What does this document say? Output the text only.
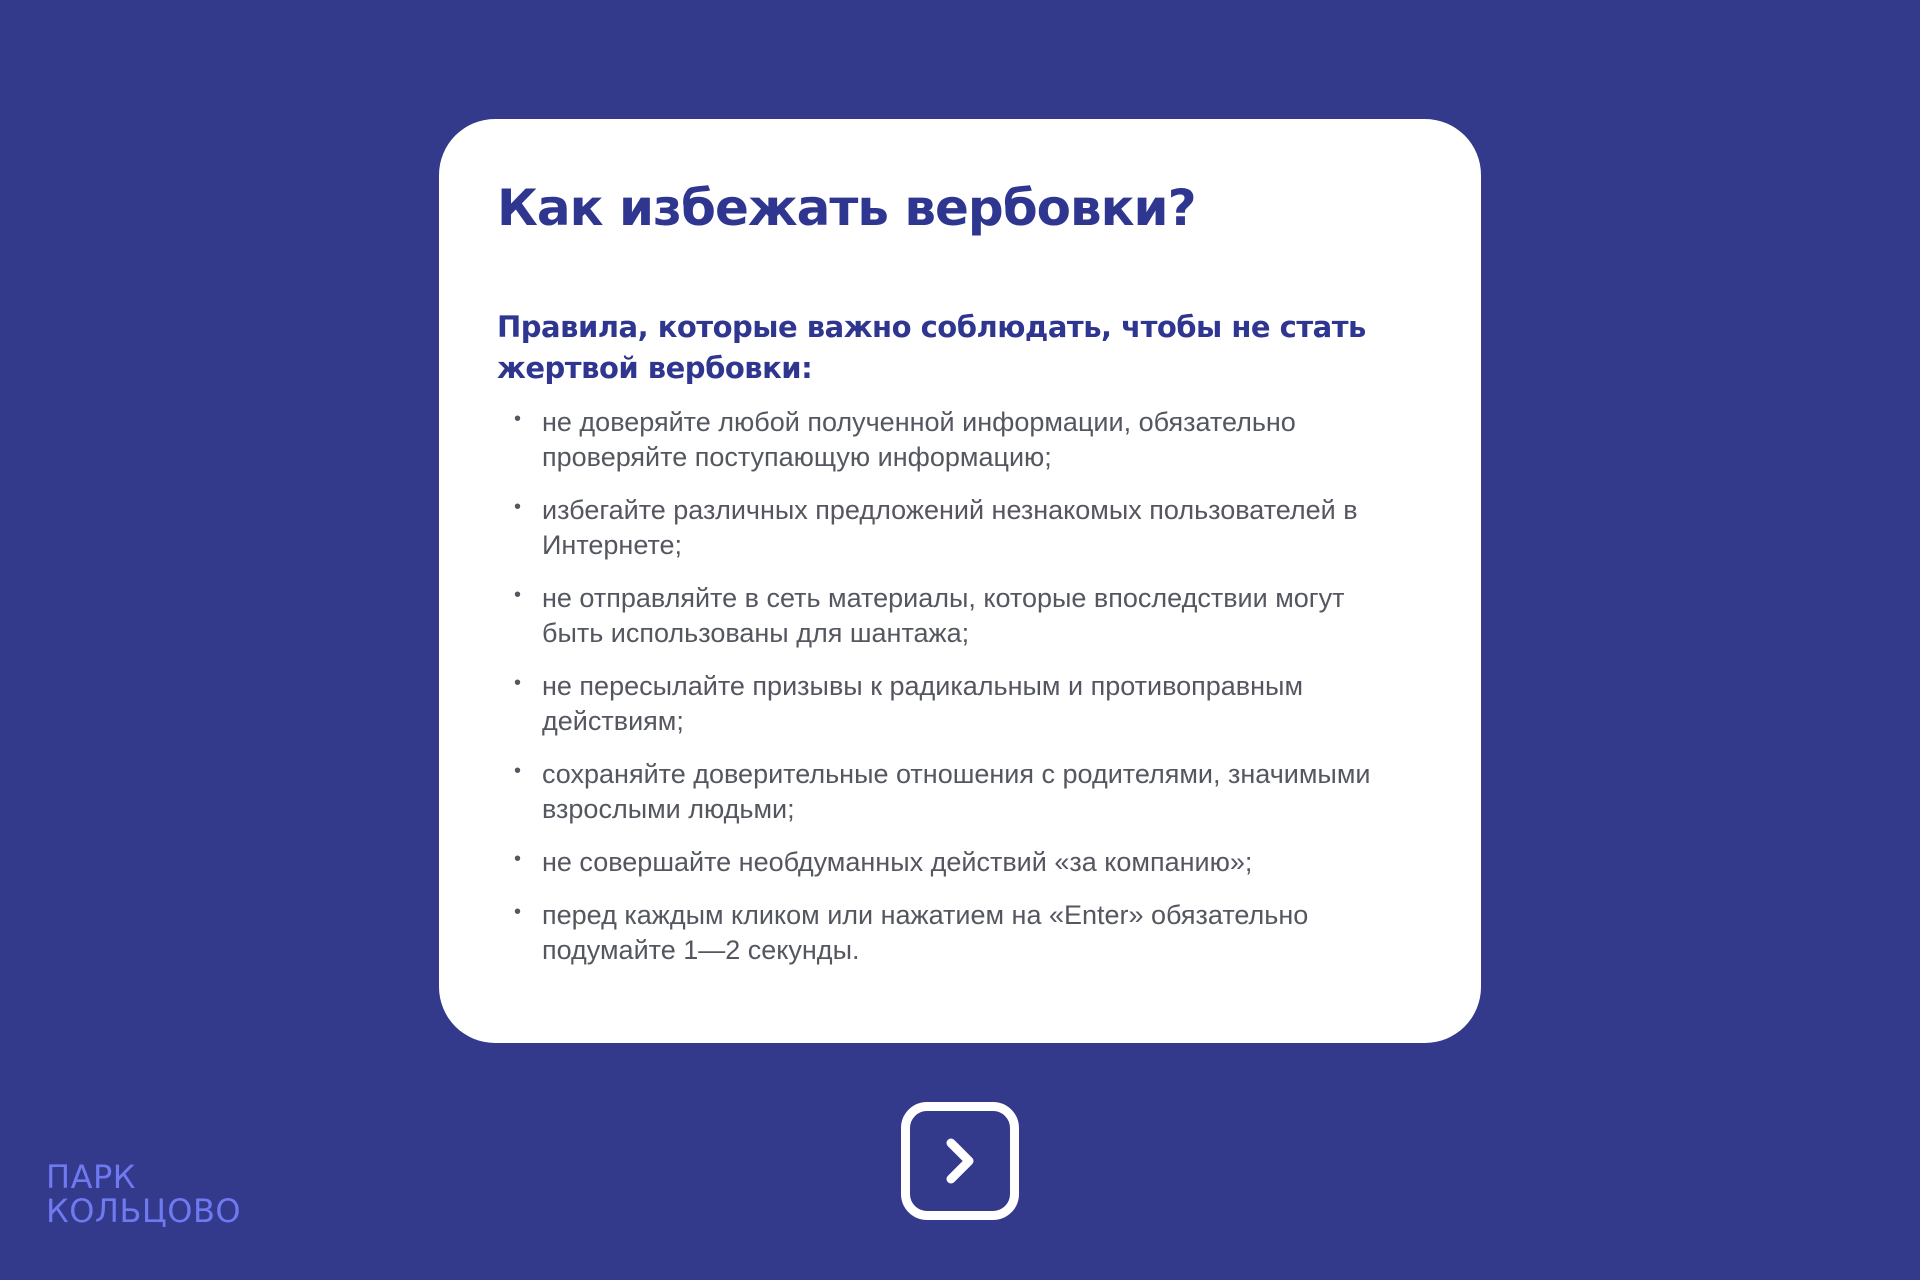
Как избежать вербовки?
Правила, которые важно соблюдать, чтобы не стать жертвой вербовки:
• не доверяйте любой полученной информации, обязательно проверяйте поступающую информацию;
• избегайте различных предложений незнакомых пользователей в Интернете;
• не отправляйте в сеть материалы, которые впоследствии могут быть использованы для шантажа;
• не пересылайте призывы к радикальным и противоправным действиям;
• сохраняйте доверительные отношения с родителями, значимыми взрослыми людьми;
• не совершайте необдуманных действий «за компанию»;
• перед каждым кликом или нажатием на «Enter» обязательно подумайте 1—2 секунды.
ПАРК
КОЛЬЦОВО
